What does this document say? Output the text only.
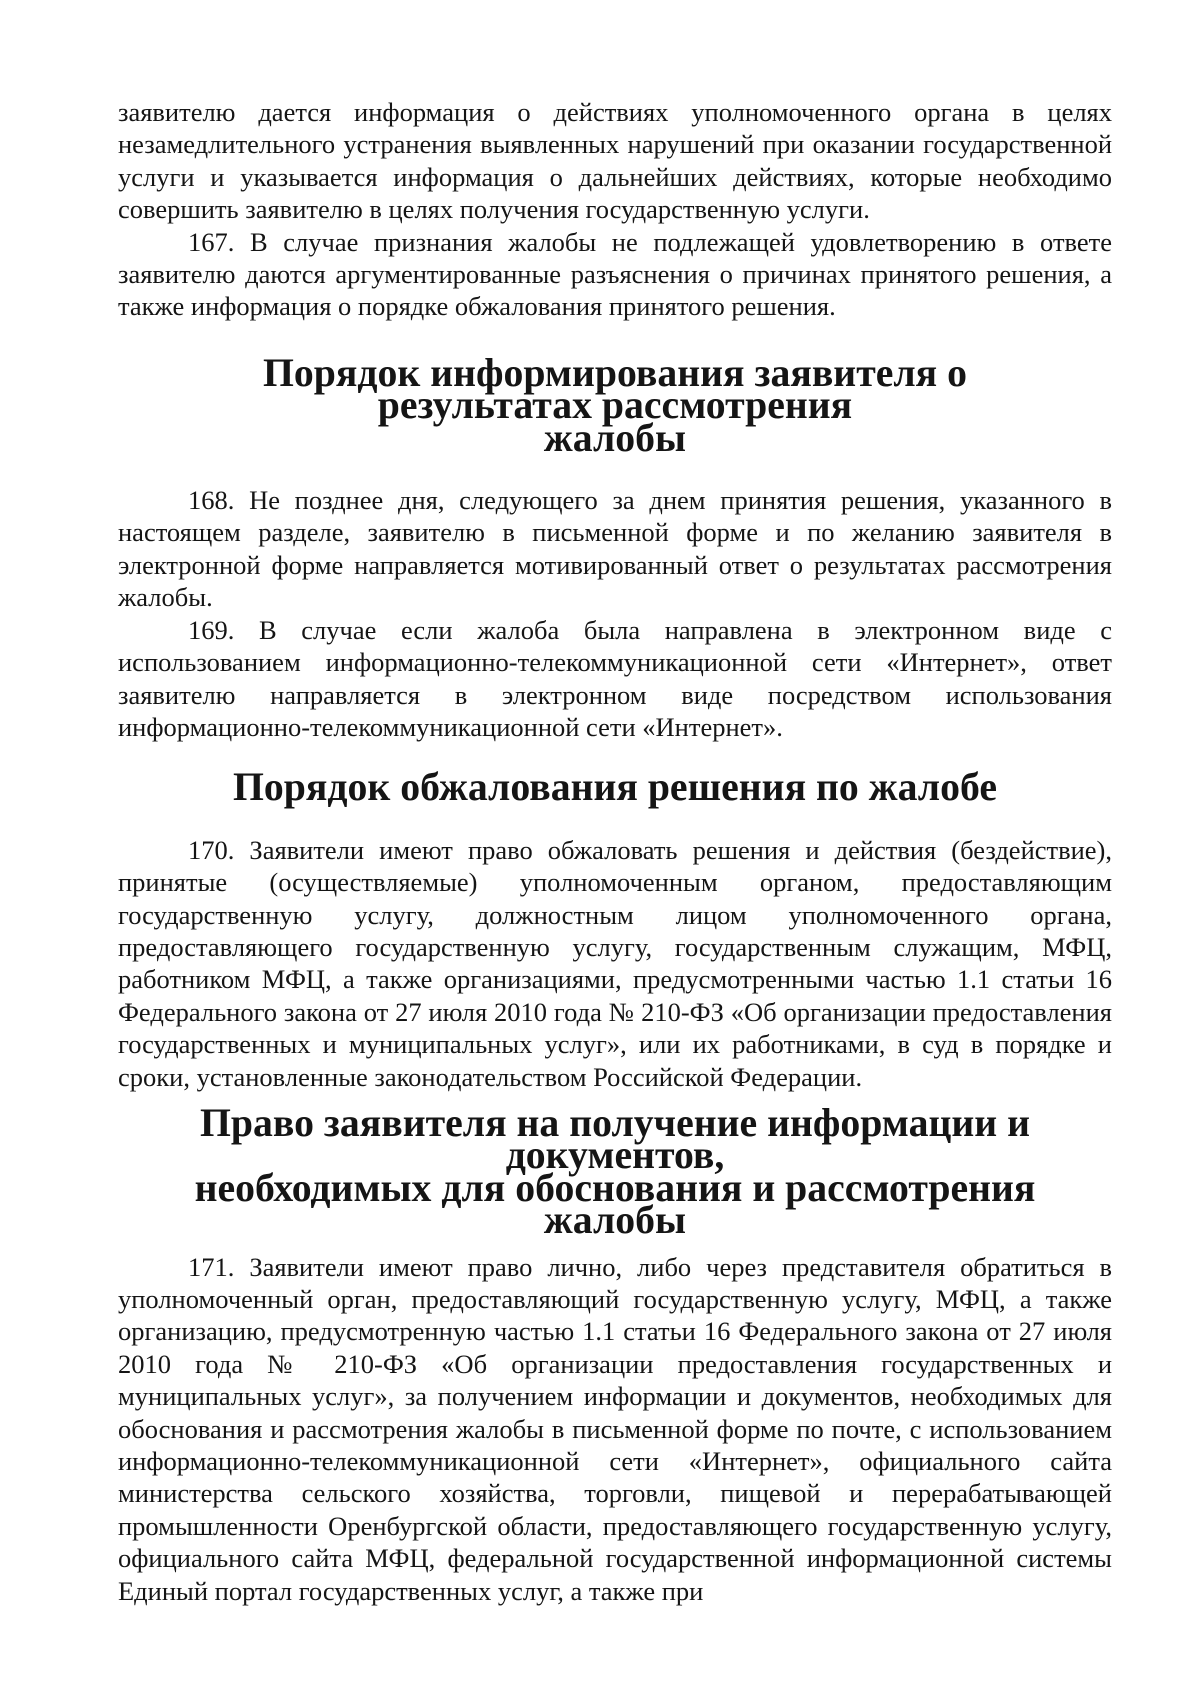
заявителю дается информация о действиях уполномоченного органа в целях незамедлительного устранения выявленных нарушений при оказании государственной услуги и указывается информация о дальнейших действиях, которые необходимо совершить заявителю в целях получения государственную услуги.

167. В случае признания жалобы не подлежащей удовлетворению в ответе заявителю даются аргументированные разъяснения о причинах принятого решения, а также информация о порядке обжалования принятого решения.

Порядок информирования заявителя о результатах рассмотрения
жалобы

168. Не позднее дня, следующего за днем принятия решения, указанного в настоящем разделе, заявителю в письменной форме и по желанию заявителя в электронной форме направляется мотивированный ответ о результатах рассмотрения жалобы.

169. В случае если жалоба была направлена в электронном виде с использованием информационно-телекоммуникационной сети «Интернет», ответ заявителю направляется в электронном виде посредством использования информационно-телекоммуникационной сети «Интернет».

Порядок обжалования решения по жалобе

170. Заявители имеют право обжаловать решения и действия (бездействие), принятые (осуществляемые) уполномоченным органом, предоставляющим государственную услугу, должностным лицом уполномоченного органа, предоставляющего государственную услугу, государственным служащим, МФЦ, работником МФЦ, а также организациями, предусмотренными частью 1.1 статьи 16 Федерального закона от 27 июля 2010 года № 210-ФЗ «Об организации предоставления государственных и муниципальных услуг», или их работниками, в суд в порядке и сроки, установленные законодательством Российской Федерации.

Право заявителя на получение информации и документов,
необходимых для обоснования и рассмотрения жалобы

171. Заявители имеют право лично, либо через представителя обратиться в уполномоченный орган, предоставляющий государственную услугу, МФЦ, а также организацию, предусмотренную частью 1.1 статьи 16 Федерального закона от 27 июля 2010 года № 210-ФЗ «Об организации предоставления государственных и муниципальных услуг», за получением информации и документов, необходимых для обоснования и рассмотрения жалобы в письменной форме по почте, с использованием информационно-телекоммуникационной сети «Интернет», официального сайта министерства сельского хозяйства, торговли, пищевой и перерабатывающей промышленности Оренбургской области, предоставляющего государственную услугу, официального сайта МФЦ, федеральной государственной информационной системы Единый портал государственных услуг, а также при
